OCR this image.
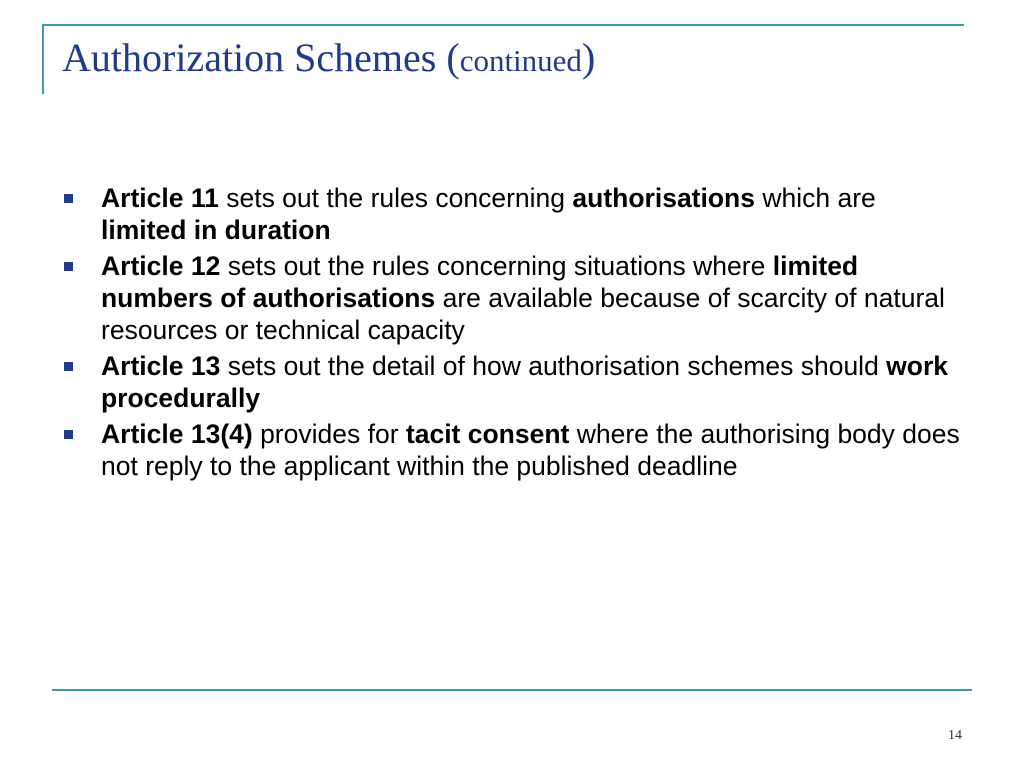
Authorization Schemes (continued)
Article 11 sets out the rules concerning authorisations which are limited in duration
Article 12 sets out the rules concerning situations where limited numbers of authorisations are available because of scarcity of natural resources or technical capacity
Article 13 sets out the detail of how authorisation schemes should work procedurally
Article 13(4) provides for tacit consent where the authorising body does not reply to the applicant within the published deadline
14
